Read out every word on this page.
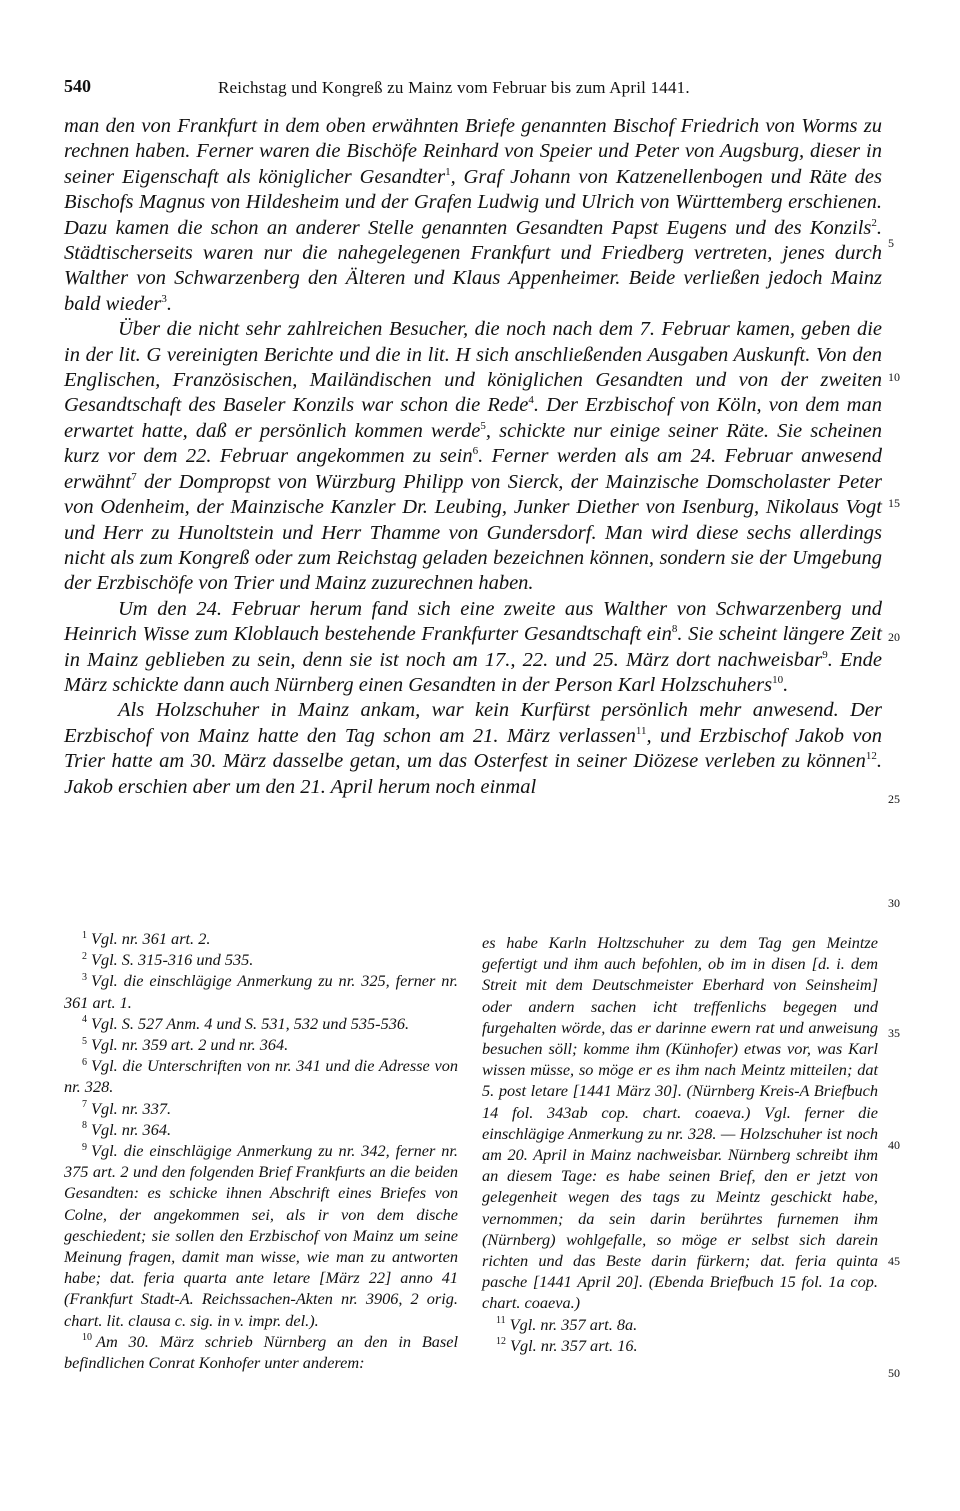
540	Reichstag und Kongreß zu Mainz vom Februar bis zum April 1441.

man den von Frankfurt in dem oben erwähnten Briefe genannten Bischof Friedrich von Worms zu rechnen haben. Ferner waren die Bischöfe Reinhard von Speier und Peter von Augsburg, dieser in seiner Eigenschaft als königlicher Gesandter$^1$, Graf Johann von Katzenellenbogen und Räte des Bischofs Magnus von Hildesheim und der Grafen Ludwig und Ulrich von Württemberg erschienen. Dazu kamen die schon an anderer Stelle genannten Gesandten Papst Eugens und des Konzils$^2$. Städtischerseits waren nur die nahegelegenen Frankfurt und Friedberg vertreten, jenes durch Walther von Schwarzenberg den Älteren und Klaus Appenheimer. Beide verließen jedoch Mainz bald wieder$^3$.

Über die nicht sehr zahlreichen Besucher, die noch nach dem 7. Februar kamen, geben die in der lit. G vereinigten Berichte und die in lit. H sich anschließenden Ausgaben Auskunft. Von den Englischen, Französischen, Mailändischen und königlichen Gesandten und von der zweiten Gesandtschaft des Baseler Konzils war schon die Rede$^4$. Der Erzbischof von Köln, von dem man erwartet hatte, daß er persönlich kommen werde$^5$, schickte nur einige seiner Räte. Sie scheinen kurz vor dem 22. Februar angekommen zu sein$^6$. Ferner werden als am 24. Februar anwesend erwähnt$^7$ der Dompropst von Würzburg Philipp von Sierck, der Mainzische Domscholaster Peter von Odenheim, der Mainzische Kanzler Dr. Leubing, Junker Diether von Isenburg, Nikolaus Vogt und Herr zu Hunoltstein und Herr Thamme von Gundersdorf. Man wird diese sechs allerdings nicht als zum Kongreß oder zum Reichstag geladen bezeichnen können, sondern sie der Umgebung der Erzbischöfe von Trier und Mainz zuzurechnen haben.

Um den 24. Februar herum fand sich eine zweite aus Walther von Schwarzenberg und Heinrich Wisse zum Kloblauch bestehende Frankfurter Gesandtschaft ein$^8$. Sie scheint längere Zeit in Mainz geblieben zu sein, denn sie ist noch am 17., 22. und 25. März dort nachweisbar$^9$. Ende März schickte dann auch Nürnberg einen Gesandten in der Person Karl Holzschuhers$^{10}$.

Als Holzschuher in Mainz ankam, war kein Kurfürst persönlich mehr anwesend. Der Erzbischof von Mainz hatte den Tag schon am 21. März verlassen$^{11}$, und Erzbischof Jakob von Trier hatte am 30. März dasselbe getan, um das Osterfest in seiner Diözese verleben zu können$^{12}$. Jakob erschien aber um den 21. April herum noch einmal

5
10
15
20
25
30
35
40
45
50

$^1$ Vgl. nr. 361 art. 2.

$^2$ Vgl. S. 315-316 und 535.

$^3$ Vgl. die einschlägige Anmerkung zu nr. 325, ferner nr. 361 art. 1.

$^4$ Vgl. S. 527 Anm. 4 und S. 531, 532 und 535-536.

$^5$ Vgl. nr. 359 art. 2 und nr. 364.

$^6$ Vgl. die Unterschriften von nr. 341 und die Adresse von nr. 328.

$^7$ Vgl. nr. 337.

$^8$ Vgl. nr. 364.

$^9$ Vgl. die einschlägige Anmerkung zu nr. 342, ferner nr. 375 art. 2 und den folgenden Brief Frankfurts an die beiden Gesandten: es schicke ihnen Abschrift eines Briefes von Colne, der angekommen sei, als ir von dem dische geschiedent; sie sollen den Erzbischof von Mainz um seine Meinung fragen, damit man wisse, wie man zu antworten habe; dat. feria quarta ante letare [März 22] anno 41 (Frankfurt Stadt-A. Reichssachen-Akten nr. 3906, 2 orig. chart. lit. clausa c. sig. in v. impr. del.).

$^{10}$ Am 30. März schrieb Nürnberg an den in Basel befindlichen Conrat Konhofer unter anderem:

es habe Karln Holtzschuher zu dem Tag gen Meintze gefertigt und ihm auch befohlen, ob im in disen [d. i. dem Streit mit dem Deutschmeister Eberhard von Seinsheim] oder andern sachen icht treffenlichs begegen und furgehalten wörde, das er darinne ewern rat und anweisung besuchen söll; komme ihm (Künhofer) etwas vor, was Karl wissen müsse, so möge er es ihm nach Meintz mitteilen; dat 5. post letare [1441 März 30]. (Nürnberg Kreis-A Briefbuch 14 fol. 343ab cop. chart. coaeva.) Vgl. ferner die einschlägige Anmerkung zu nr. 328. — Holzschuher ist noch am 20. April in Mainz nachweisbar. Nürnberg schreibt ihm an diesem Tage: es habe seinen Brief, den er jetzt von gelegenheit wegen des tags zu Meintz geschickt habe, vernommen; da sein darin berührtes furnemen ihm (Nürnberg) wohlgefalle, so möge er selbst sich darein richten und das Beste darin fürkern; dat. feria quinta pasche [1441 April 20]. (Ebenda Briefbuch 15 fol. 1a cop. chart. coaeva.)

$^{11}$ Vgl. nr. 357 art. 8a.

$^{12}$ Vgl. nr. 357 art. 16.
